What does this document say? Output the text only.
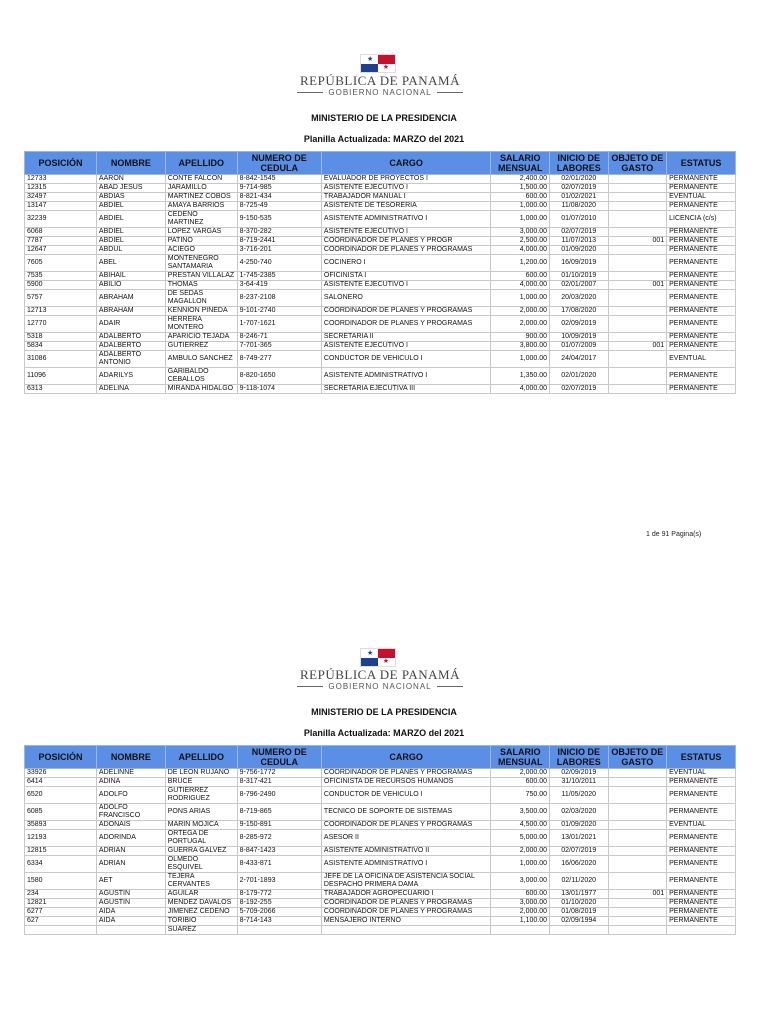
★
★
REPÚBLICA DE PANAMÁ
GOBIERNO NACIONAL
MINISTERIO DE LA PRESIDENCIA
Planilla Actualizada: MARZO del 2021
POSICIÓN	NOMBRE	APELLIDO	NUMERO DE CEDULA	CARGO	SALARIO MENSUAL	INICIO DE LABORES	OBJETO DE GASTO	ESTATUS
12733	AARON	CONTE FALCON	8-842-1545	EVALUADOR DE PROYECTOS I	2,400.00	02/01/2020		PERMANENTE
12315	ABAD JESUS	JARAMILLO	9-714-985	ASISTENTE EJECUTIVO I	1,500.00	02/07/2019		PERMANENTE
32497	ABDIAS	MARTINEZ COBOS	8-821-434	TRABAJADOR MANUAL I	600.00	01/02/2021		EVENTUAL
13147	ABDIEL	AMAYA BARRIOS	8-725-49	ASISTENTE DE TESORERIA	1,000.00	11/08/2020		PERMANENTE
32239	ABDIEL	CEDEÑO MARTINEZ	9-150-535	ASISTENTE ADMINISTRATIVO I	1,000.00	01/07/2010		LICENCIA (c/s)
6068	ABDIEL	LOPEZ VARGAS	8-370-282	ASISTENTE EJECUTIVO I	3,000.00	02/07/2019		PERMANENTE
7787	ABDIEL	PATIÑO	8-719-2441	COORDINADOR DE PLANES Y PROGR	2,500.00	11/07/2013	001	PERMANENTE
12647	ABDUL	ACIEGO	3-716-201	COORDINADOR DE PLANES Y PROGRAMAS	4,000.00	01/09/2020		PERMANENTE
7605	ABEL	MONTENEGRO SANTAMARIA	4-250-740	COCINERO I	1,200.00	16/09/2019		PERMANENTE
7535	ABIHAIL	PRESTAN VILLALAZ	1-745-2385	OFICINISTA I	600.00	01/10/2019		PERMANENTE
5900	ABILIO	THOMAS	3-64-419	ASISTENTE EJECUTIVO I	4,000.00	02/01/2007	001	PERMANENTE
5757	ABRAHAM	DE SEDAS MAGALLON	8-237-2108	SALONERO	1,000.00	20/03/2020		PERMANENTE
12713	ABRAHAM	KENNION PINEDA	9-101-2740	COORDINADOR DE PLANES Y PROGRAMAS	2,000.00	17/08/2020		PERMANENTE
12770	ADAIR	HERRERA MONTERO	1-707-1621	COORDINADOR DE PLANES Y PROGRAMAS	2,000.00	02/09/2019		PERMANENTE
5318	ADALBERTO	APARICIO TEJADA	8-246-71	SECRETARIA II	900.00	10/09/2019		PERMANENTE
5834	ADALBERTO	GUTIERREZ	7-701-365	ASISTENTE EJECUTIVO I	3,800.00	01/07/2009	001	PERMANENTE
31086	ADALBERTO ANTONIO	AMBULO SANCHEZ	8-749-277	CONDUCTOR DE VEHICULO I	1,000.00	24/04/2017		EVENTUAL
11096	ADARILYS	GARIBALDO CEBALLOS	8-820-1650	ASISTENTE ADMINISTRATIVO I	1,350.00	02/01/2020		PERMANENTE
6313	ADELINA	MIRANDA HIDALGO	9-118-1074	SECRETARIA EJECUTIVA III	4,000.00	02/07/2019		PERMANENTE
1 de 91 Pagina(s)
★
★
REPÚBLICA DE PANAMÁ
GOBIERNO NACIONAL
MINISTERIO DE LA PRESIDENCIA
Planilla Actualizada: MARZO del 2021
POSICIÓN	NOMBRE	APELLIDO	NUMERO DE CEDULA	CARGO	SALARIO MENSUAL	INICIO DE LABORES	OBJETO DE GASTO	ESTATUS
33926	ADELINNE	DE LEON RUJANO	9-756-1772	COORDINADOR DE PLANES Y PROGRAMAS	2,000.00	02/09/2019		EVENTUAL
6414	ADINA	BRUCE	8-317-421	OFICINISTA DE RECURSOS HUMANOS	600.00	31/10/2011		PERMANENTE
6520	ADOLFO	GUTIERREZ RODRIGUEZ	8-796-2490	CONDUCTOR DE VEHICULO I	750.00	11/05/2020		PERMANENTE
6085	ADOLFO FRANCISCO	PONS ARIAS	8-719-865	TECNICO DE SOPORTE DE SISTEMAS	3,500.00	02/03/2020		PERMANENTE
35893	ADONAIS	MARIN MOJICA	9-150-891	COORDINADOR DE PLANES Y PROGRAMAS	4,500.00	01/09/2020		EVENTUAL
12193	ADORINDA	ORTEGA DE PORTUGAL	8-285-972	ASESOR II	5,000.00	13/01/2021		PERMANENTE
12815	ADRIAN	GUERRA GALVEZ	8-847-1423	ASISTENTE ADMINISTRATIVO II	2,000.00	02/07/2019		PERMANENTE
6334	ADRIAN	OLMEDO ESQUIVEL	8-433-871	ASISTENTE ADMINISTRATIVO I	1,000.00	16/06/2020		PERMANENTE
1580	AET	TEJERA CERVANTES	2-701-1893	JEFE DE LA OFICINA DE ASISTENCIA SOCIAL DESPACHO PRIMERA DAMA	3,000.00	02/11/2020		PERMANENTE
234	AGUSTIN	AGUILAR	8-179-772	TRABAJADOR AGROPECUARIO I	600.00	13/01/1977	001	PERMANENTE
12821	AGUSTIN	MENDEZ DAVALOS	8-192-255	COORDINADOR DE PLANES Y PROGRAMAS	3,000.00	01/10/2020		PERMANENTE
6277	AIDA	JIMENEZ CEDEÑO	5-709-2066	COORDINADOR DE PLANES Y PROGRAMAS	2,000.00	01/08/2019		PERMANENTE
627	AIDA	TORIBIO	8-714-143	MENSAJERO INTERNO	1,100.00	02/09/1994		PERMANENTE
		SUAREZ						
